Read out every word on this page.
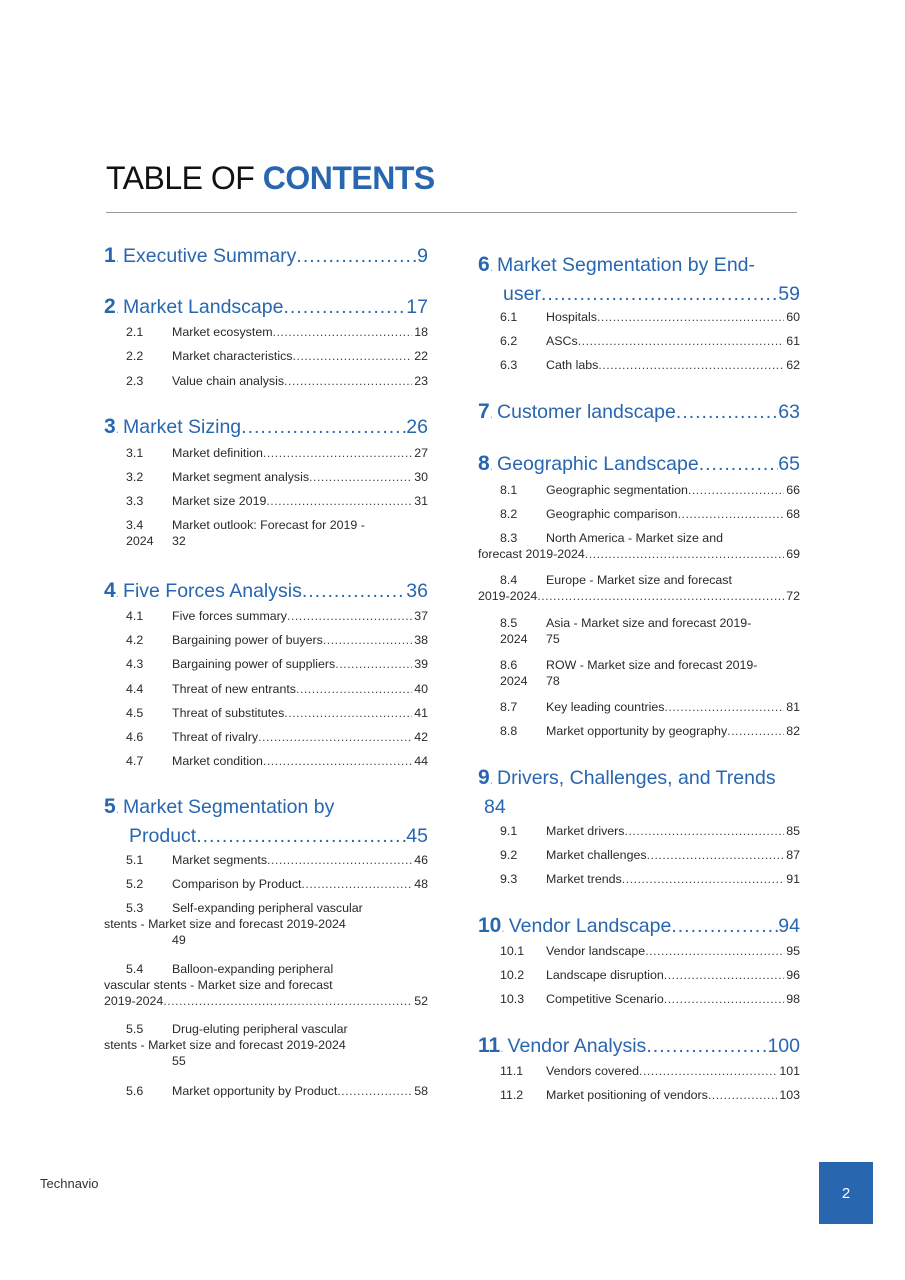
TABLE OF CONTENTS
1 . Executive Summary .....	9
2 . Market Landscape .....	17
2.1	Market ecosystem .....	18
2.2	Market characteristics .....	22
2.3	Value chain analysis .....	23
3 . Market Sizing .....	26
3.1	Market definition .....	27
3.2	Market segment analysis .....	30
3.3	Market size 2019 .....	31
3.4	Market outlook: Forecast for 2019 -
2024	32
4 . Five Forces Analysis .....	36
4.1	Five forces summary .....	37
4.2	Bargaining power of buyers .....	38
4.3	Bargaining power of suppliers .....	39
4.4	Threat of new entrants .....	40
4.5	Threat of substitutes .....	41
4.6	Threat of rivalry .....	42
4.7	Market condition .....	44
5 . Market Segmentation by
Product .....	45
5.1	Market segments .....	46
5.2	Comparison by Product .....	48
5.3	Self-expanding peripheral vascular
stents - Market size and forecast 2019-2024
49
5.4	Balloon-expanding peripheral
vascular stents - Market size and forecast
2019-2024 .....	52
5.5	Drug-eluting peripheral vascular
stents - Market size and forecast 2019-2024
55
5.6	Market opportunity by Product .....	58
6 . Market Segmentation by End-
user .....	59
6.1	Hospitals .....	60
6.2	ASCs .....	61
6.3	Cath labs .....	62
7 . Customer landscape .....	63
8 . Geographic Landscape .....	65
8.1	Geographic segmentation .....	66
8.2	Geographic comparison .....	68
8.3	North America - Market size and
forecast 2019-2024 .....	69
8.4	Europe - Market size and forecast
2019-2024 .....	72
8.5	Asia - Market size and forecast 2019-
2024	75
8.6	ROW - Market size and forecast 2019-
2024	78
8.7	Key leading countries .....	81
8.8	Market opportunity by geography .....	82
9 . Drivers, Challenges, and Trends
84
9.1	Market drivers .....	85
9.2	Market challenges .....	87
9.3	Market trends .....	91
10 . Vendor Landscape .....	94
10.1	Vendor landscape .....	95
10.2	Landscape disruption .....	96
10.3	Competitive Scenario .....	98
11 . Vendor Analysis .....	100
11.1	Vendors covered .....	101
11.2	Market positioning of vendors .....	103
Technavio
2
